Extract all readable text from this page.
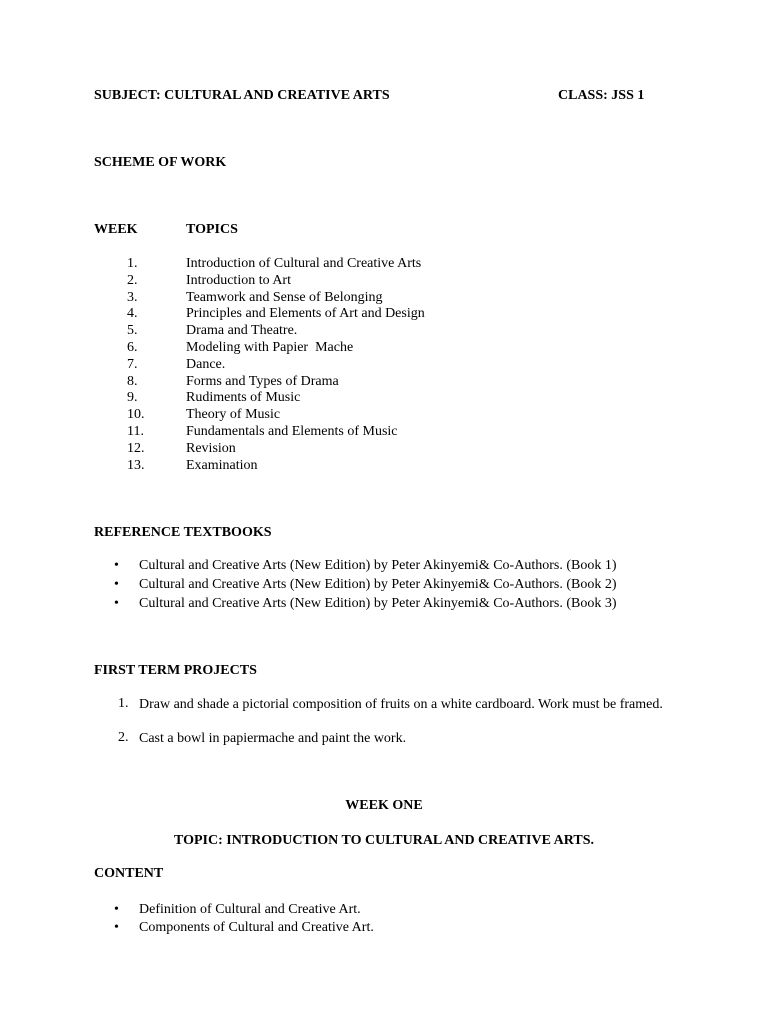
SUBJECT: CULTURAL AND CREATIVE ARTS	CLASS: JSS 1
SCHEME OF WORK
WEEK	TOPICS
1.	Introduction of Cultural and Creative Arts
2.	Introduction to Art
3.	Teamwork and Sense of Belonging
4.	Principles and Elements of Art and Design
5.	Drama and Theatre.
6.	Modeling with Papier  Mache
7.	Dance.
8.	Forms and Types of Drama
9.	Rudiments of Music
10.	Theory of Music
11.	Fundamentals and Elements of Music
12.	Revision
13.	Examination
REFERENCE TEXTBOOKS
• Cultural and Creative Arts (New Edition) by Peter Akinyemi& Co-Authors. (Book 1)
• Cultural and Creative Arts (New Edition) by Peter Akinyemi& Co-Authors. (Book 2)
• Cultural and Creative Arts (New Edition) by Peter Akinyemi& Co-Authors. (Book 3)
FIRST TERM PROJECTS
1. Draw and shade a pictorial composition of fruits on a white cardboard. Work must be framed.
2. Cast a bowl in papiermache and paint the work.
WEEK ONE
TOPIC: INTRODUCTION TO CULTURAL AND CREATIVE ARTS.
CONTENT
• Definition of Cultural and Creative Art.
• Components of Cultural and Creative Art.
